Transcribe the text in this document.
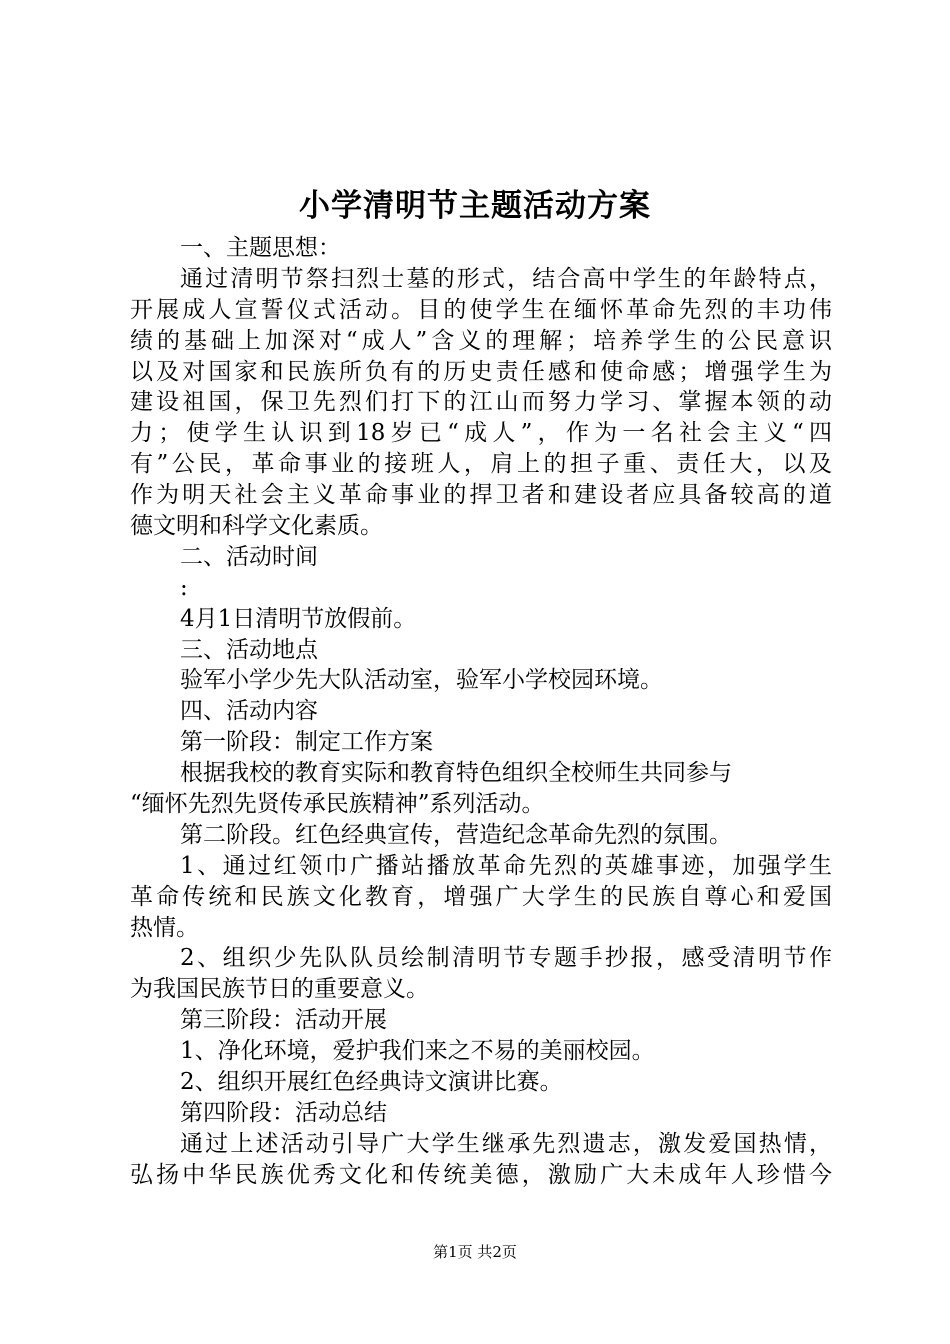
小学清明节主题活动方案
一、主题思想：
通过清明节祭扫烈士墓的形式，结合高中学生的年龄特点，
开展成人宣誓仪式活动。目的使学生在缅怀革命先烈的丰功伟
绩的基础上加深对“成人”含义的理解；培养学生的公民意识
以及对国家和民族所负有的历史责任感和使命感；增强学生为
建设祖国，保卫先烈们打下的江山而努力学习、掌握本领的动
力；使学生认识到18岁已“成人”，作为一名社会主义“四
有”公民，革命事业的接班人，肩上的担子重、责任大，以及
作为明天社会主义革命事业的捍卫者和建设者应具备较高的道
德文明和科学文化素质。
二、活动时间
:
4月1日清明节放假前。
三、活动地点
验军小学少先大队活动室，验军小学校园环境。
四、活动内容
第一阶段：制定工作方案
根据我校的教育实际和教育特色组织全校师生共同参与
“缅怀先烈先贤传承民族精神”系列活动。
第二阶段。红色经典宣传，营造纪念革命先烈的氛围。
1、通过红领巾广播站播放革命先烈的英雄事迹，加强学生
革命传统和民族文化教育，增强广大学生的民族自尊心和爱国
热情。
2、组织少先队队员绘制清明节专题手抄报，感受清明节作
为我国民族节日的重要意义。
第三阶段：活动开展
1、净化环境，爱护我们来之不易的美丽校园。
2、组织开展红色经典诗文演讲比赛。
第四阶段：活动总结
通过上述活动引导广大学生继承先烈遗志，激发爱国热情，
弘扬中华民族优秀文化和传统美德，激励广大未成年人珍惜今
第1页 共2页
